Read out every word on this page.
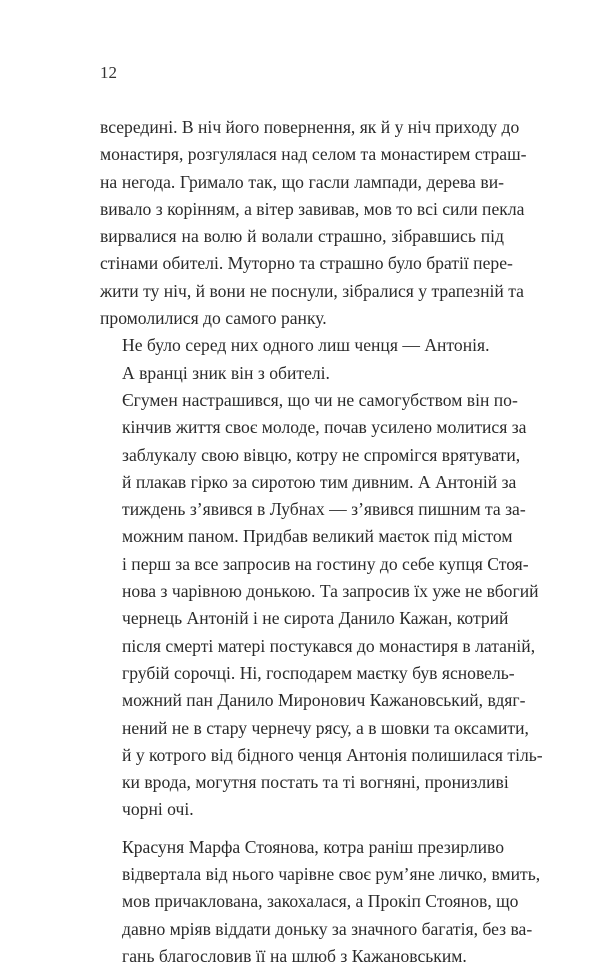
12
всередині. В ніч його повернення, як й у ніч приходу до
монастиря, розгулялася над селом та монастирем страш-
на негода. Гримало так, що гасли лампади, дерева ви-
вивало з корінням, а вітер завивав, мов то всі сили пекла
вирвалися на волю й волали страшно, зібравшись під
стінами обителі. Муторно та страшно було братії пере-
жити ту ніч, й вони не поснули, зібралися у трапезній та
промолилися до самого ранку.
Не було серед них одного лиш ченця — Антонія.
А вранці зник він з обителі.
Єгумен настрашився, що чи не самогубством він по-
кінчив життя своє молоде, почав усилено молитися за
заблукалу свою вівцю, котру не спромігся врятувати,
й плакав гірко за сиротою тим дивним. А Антоній за
тиждень з’явився в Лубнах — з’явився пишним та за-
можним паном. Придбав великий маєток під містом
і перш за все запросив на гостину до себе купця Стоя-
нова з чарівною донькою. Та запросив їх уже не вбогий
чернець Антоній і не сирота Данило Кажан, котрий
після смерті матері постукався до монастиря в латаній,
грубій сорочці. Ні, господарем маєтку був ясновель-
можний пан Данило Миронович Кажановський, вдяг-
нений не в стару чернечу рясу, а в шовки та оксамити,
й у котрого від бідного ченця Антонія полишилася тіль-
ки врода, могутня постать та ті вогняні, пронизливі
чорні очі.
Красуня Марфа Стоянова, котра раніш презирливо
відвертала від нього чарівне своє рум’яне личко, вмить,
мов причаклована, закохалася, а Прокіп Стоянов, що
давно мріяв віддати доньку за значного багатія, без ва-
гань благословив її на шлюб з Кажановським.
